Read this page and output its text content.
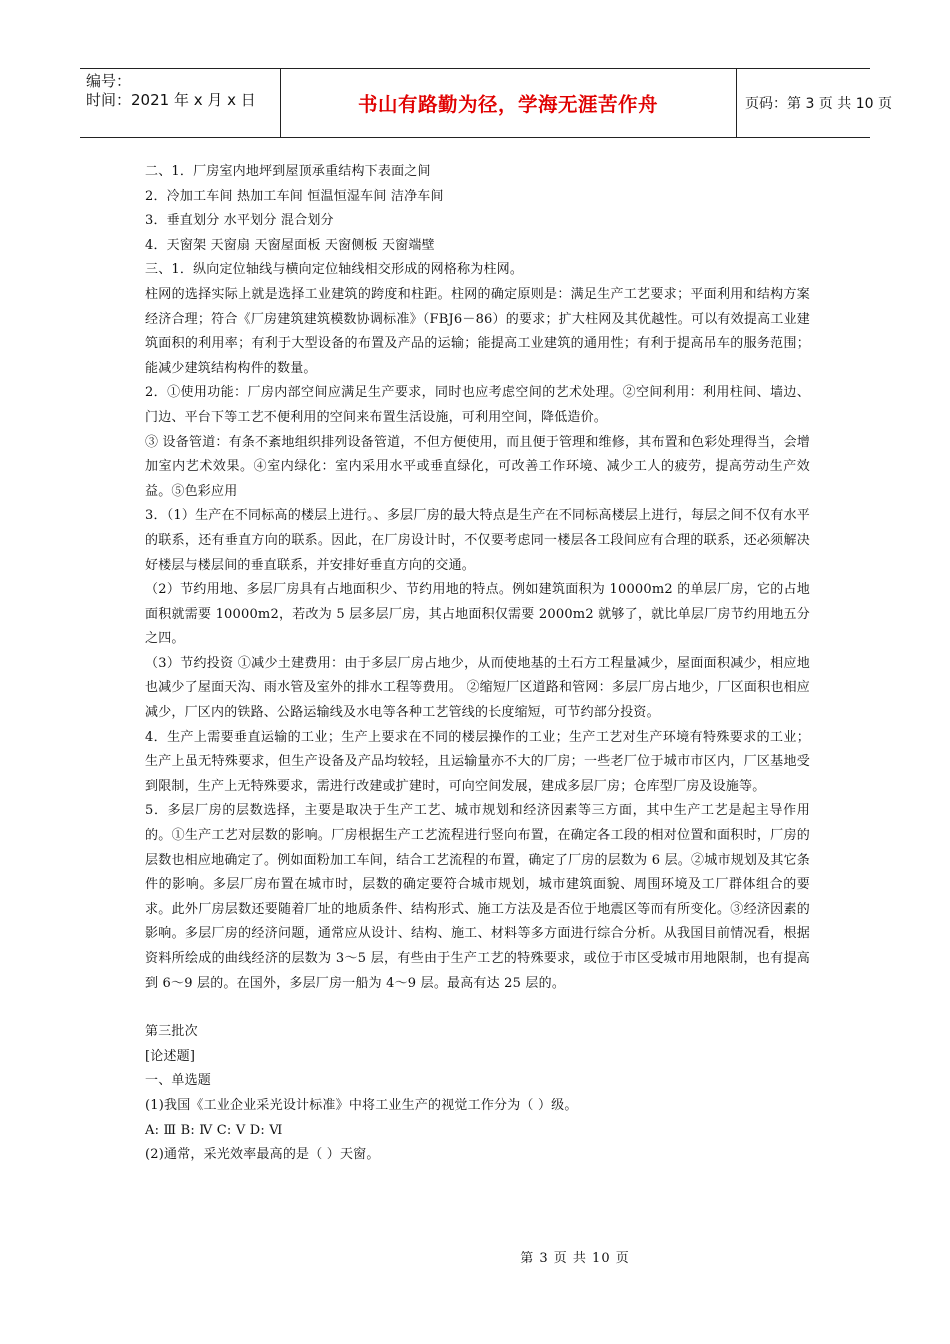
编号：
时间：2021 年 x 月 x 日	书山有路勤为径，学海无涯苦作舟	页码：第 3 页 共 10 页

二、1．厂房室内地坪到屋顶承重结构下表面之间

2．冷加工车间 热加工车间 恒温恒湿车间 洁净车间

3．垂直划分 水平划分 混合划分

4．天窗架 天窗扇 天窗屋面板 天窗侧板 天窗端壁

三、1．纵向定位轴线与横向定位轴线相交形成的网格称为柱网。

柱网的选择实际上就是选择工业建筑的跨度和柱距。柱网的确定原则是：满足生产工艺要求；平面利用和结构方案经济合理；符合《厂房建筑建筑模数协调标准》（FBJ6－86）的要求；扩大柱网及其优越性。可以有效提高工业建筑面积的利用率；有利于大型设备的布置及产品的运输；能提高工业建筑的通用性；有利于提高吊车的服务范围；能减少建筑结构构件的数量。

2．①使用功能：厂房内部空间应满足生产要求，同时也应考虑空间的艺术处理。②空间利用：利用柱间、墙边、门边、平台下等工艺不便利用的空间来布置生活设施，可利用空间，降低造价。

③ 设备管道：有条不紊地组织排列设备管道，不但方便使用，而且便于管理和维修，其布置和色彩处理得当，会增加室内艺术效果。④室内绿化：室内采用水平或垂直绿化，可改善工作环境、减少工人的疲劳，提高劳动生产效益。⑤色彩应用

3．（1）生产在不同标高的楼层上进行。、多层厂房的最大特点是生产在不同标高楼层上进行，每层之间不仅有水平的联系，还有垂直方向的联系。因此，在厂房设计时，不仅要考虑同一楼层各工段间应有合理的联系，还必须解决好楼层与楼层间的垂直联系，并安排好垂直方向的交通。

（2）节约用地、多层厂房具有占地面积少、节约用地的特点。例如建筑面积为 10000m2 的单层厂房，它的占地面积就需要 10000m2，若改为 5 层多层厂房，其占地面积仅需要 2000m2 就够了，就比单层厂房节约用地五分之四。

（3）节约投资 ①减少土建费用：由于多层厂房占地少，从而使地基的土石方工程量减少，屋面面积减少，相应地也减少了屋面天沟、雨水管及室外的排水工程等费用。 ②缩短厂区道路和管网：多层厂房占地少，厂区面积也相应减少，厂区内的铁路、公路运输线及水电等各种工艺管线的长度缩短，可节约部分投资。

4．生产上需要垂直运输的工业；生产上要求在不同的楼层操作的工业；生产工艺对生产环境有特殊要求的工业；生产上虽无特殊要求，但生产设备及产品均较轻，且运输量亦不大的厂房；一些老厂位于城市市区内，厂区基地受到限制，生产上无特殊要求，需进行改建或扩建时，可向空间发展，建成多层厂房；仓库型厂房及设施等。

5．多层厂房的层数选择，主要是取决于生产工艺、城市规划和经济因素等三方面，其中生产工艺是起主导作用的。①生产工艺对层数的影响。厂房根据生产工艺流程进行竖向布置，在确定各工段的相对位置和面积时，厂房的层数也相应地确定了。例如面粉加工车间，结合工艺流程的布置，确定了厂房的层数为 6 层。②城市规划及其它条件的影响。多层厂房布置在城市时，层数的确定要符合城市规划，城市建筑面貌、周围环境及工厂群体组合的要求。此外厂房层数还要随着厂址的地质条件、结构形式、施工方法及是否位于地震区等而有所变化。③经济因素的影响。多层厂房的经济问题，通常应从设计、结构、施工、材料等多方面进行综合分析。从我国目前情况看，根据资料所绘成的曲线经济的层数为 3～5 层，有些由于生产工艺的特殊要求，或位于市区受城市用地限制，也有提高到 6～9 层的。在国外，多层厂房一船为 4～9 层。最高有达 25 层的。

第三批次

[论述题]

一、单选题

(1)我国《工业企业采光设计标准》中将工业生产的视觉工作分为（ ）级。

A: Ⅲ B: Ⅳ C: Ⅴ D: Ⅵ

(2)通常，采光效率最高的是（ ）天窗。

第 3 页 共 10 页
